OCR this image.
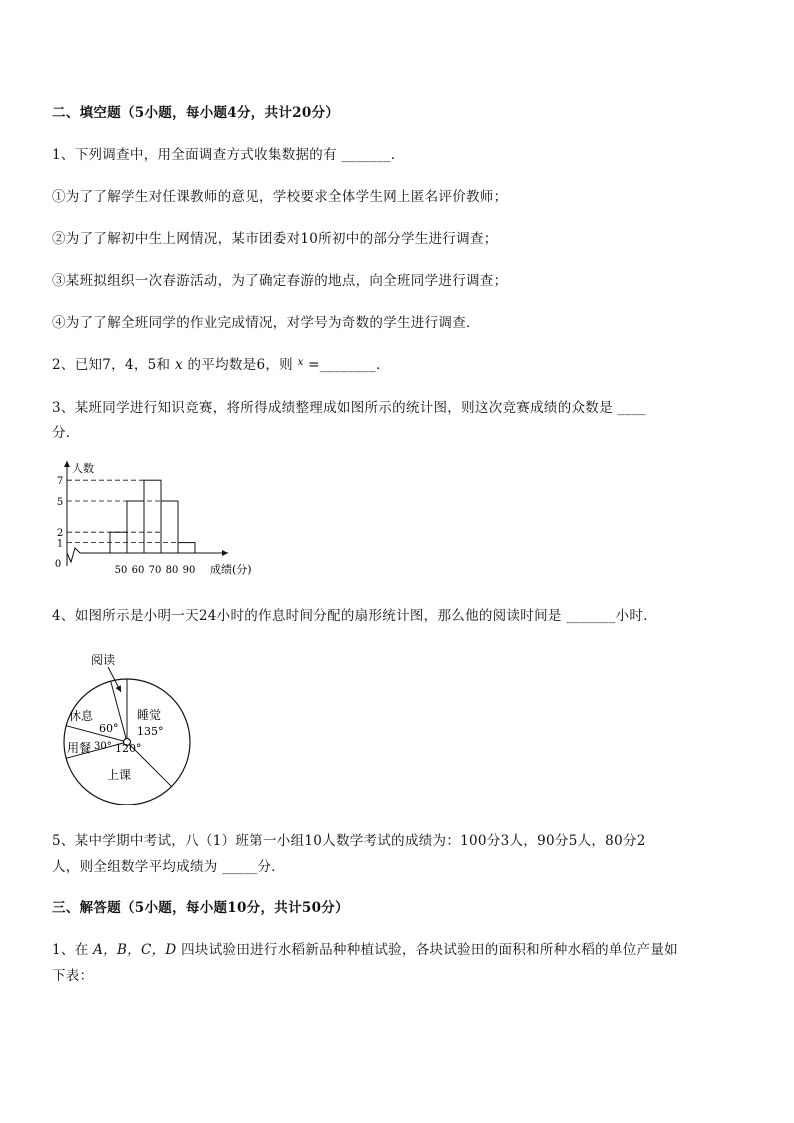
二、填空题（5小题，每小题4分，共计20分）
1、下列调查中，用全面调查方式收集数据的有 _______．
①为了了解学生对任课教师的意见，学校要求全体学生网上匿名评价教师；
②为了了解初中生上网情况，某市团委对10所初中的部分学生进行调查；
③某班拟组织一次春游活动，为了确定春游的地点，向全班同学进行调查；
④为了了解全班同学的作业完成情况，对学号为奇数的学生进行调查．
2、已知7，4，5和 x 的平均数是6，则 $^x$ =________．
3、某班同学进行知识竞赛，将所得成绩整理成如图所示的统计图，则这次竞赛成绩的众数是 ____
分．
50 60 70 80 90
0
1
2
5
7
人数
成绩(分)
4、如图所示是小明一天24小时的作息时间分配的扇形统计图，那么他的阅读时间是 _______小时．
阅读
睡觉
135°
120°
上课
用餐 30°
休息
60°
5、某中学期中考试，八（1）班第一小组10人数学考试的成绩为：100分3人，90分5人，80分2
人，则全组数学平均成绩为 _____分．
三、解答题（5小题，每小题10分，共计50分）
1、在 A，B，C，D 四块试验田进行水稻新品种种植试验，各块试验田的面积和所种水稻的单位产量如
下表：
